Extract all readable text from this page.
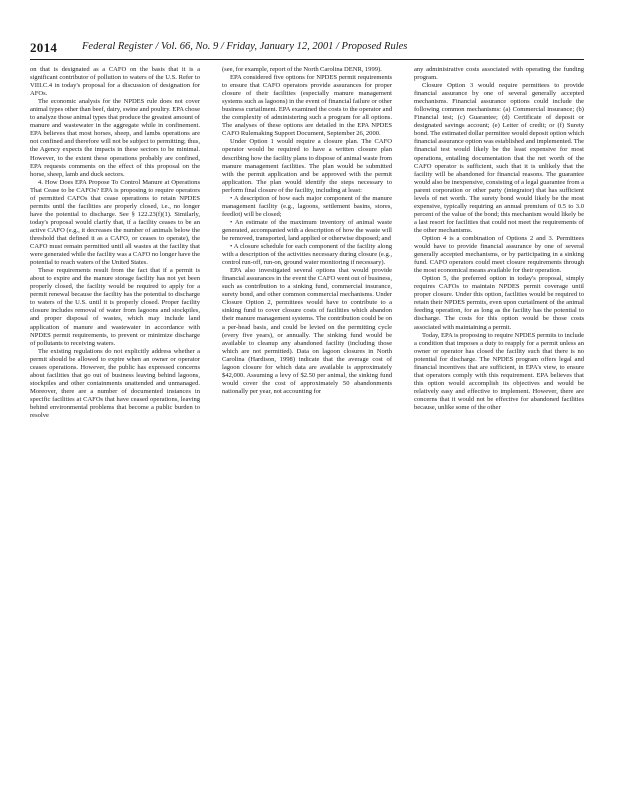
2014 Federal Register / Vol. 66, No. 9 / Friday, January 12, 2001 / Proposed Rules

on that is designated as a CAFO on the basis that it is a significant contributor of pollution to waters of the U.S. Refer to VIII.C.4 in today's proposal for a discussion of designation for AFOs.

The economic analysis for the NPDES rule does not cover animal types other than beef, dairy, swine and poultry. EPA chose to analyze those animal types that produce the greatest amount of manure and wastewater in the aggregate while in confinement. EPA believes that most horses, sheep, and lambs operations are not confined and therefore will not be subject to permitting; thus, the Agency expects the impacts in these sectors to be minimal. However, to the extent these operations probably are confined, EPA requests comments on the effect of this proposal on the horse, sheep, lamb and duck sectors.

4. How Does EPA Propose To Control Manure at Operations That Cease to be CAFOs? EPA is proposing to require operators of permitted CAFOs that cease operations to retain NPDES permits until the facilities are properly closed, i.e., no longer have the potential to discharge. See § 122.23(f)(1). Similarly, today's proposal would clarify that, if a facility ceases to be an active CAFO (e.g., it decreases the number of animals below the threshold that defined it as a CAFO, or ceases to operate), the CAFO must remain permitted until all wastes at the facility that were generated while the facility was a CAFO no longer have the potential to reach waters of the United States.

These requirements result from the fact that if a permit is about to expire and the manure storage facility has not yet been properly closed, the facility would be required to apply for a permit renewal because the facility has the potential to discharge to waters of the U.S. until it is properly closed. Proper facility closure includes removal of water from lagoons and stockpiles, and proper disposal of wastes, which may include land application of manure and wastewater in accordance with NPDES permit requirements, to prevent or minimize discharge of pollutants to receiving waters.

The existing regulations do not explicitly address whether a permit should be allowed to expire when an owner or operator ceases operations. However, the public has expressed concerns about facilities that go out of business leaving behind lagoons, stockpiles and other containments unattended and unmanaged. Moreover, there are a number of documented instances in specific facilities at CAFOs that have ceased operations, leaving behind environmental problems that become a public burden to resolve

(see, for example, report of the North Carolina DENR, 1999).

EPA considered five options for NPDES permit requirements to ensure that CAFO operators provide assurances for proper closure of their facilities (especially manure management systems such as lagoons) in the event of financial failure or other business curtailment. EPA examined the costs to the operator and the complexity of administering such a program for all options. The analyses of these options are detailed in the EPA NPDES CAFO Rulemaking Support Document, September 26, 2000.

Under Option 1 would require a closure plan. The CAFO operator would be required to have a written closure plan describing how the facility plans to dispose of animal waste from manure management facilities. The plan would be submitted with the permit application and be approved with the permit application. The plan would identify the steps necessary to perform final closure of the facility, including at least:

• A description of how each major component of the manure management facility (e.g., lagoons, settlement basins, stores, feedlot) will be closed;

• An estimate of the maximum inventory of animal waste generated, accompanied with a description of how the waste will be removed, transported, land applied or otherwise disposed; and

• A closure schedule for each component of the facility along with a description of the activities necessary during closure (e.g., control run-off, run-on, ground water monitoring if necessary).

EPA also investigated several options that would provide financial assurances in the event the CAFO went out of business, such as contribution to a sinking fund, commercial insurance, surety bond, and other common commercial mechanisms. Under Closure Option 2, permittees would have to contribute to a sinking fund to cover closure costs of facilities which abandon their manure management systems. The contribution could be on a per-head basis, and could be levied on the permitting cycle (every five years), or annually. The sinking fund would be available to cleanup any abandoned facility (including those which are not permitted). Data on lagoon closures in North Carolina (Hardison, 1998) indicate that the average cost of lagoon closure for which data are available is approximately $42,000. Assuming a levy of $2.50 per animal, the sinking fund would cover the cost of approximately 50 abandonments nationally per year, not accounting for

any administrative costs associated with operating the funding program.

Closure Option 3 would require permittees to provide financial assurance by one of several generally accepted mechanisms. Financial assurance options could include the following common mechanisms: (a) Commercial insurance; (b) Financial test; (c) Guarantee; (d) Certificate of deposit or designated savings account; (e) Letter of credit; or (f) Surety bond. The estimated dollar permittee would deposit option which financial assurance option was established and implemented. The financial test would likely be the least expensive for most operations, entailing documentation that the net worth of the CAFO operator is sufficient, such that it is unlikely that the facility will be abandoned for financial reasons. The guarantee would also be inexpensive, consisting of a legal guarantee from a parent corporation or other party (integrator) that has sufficient levels of net worth. The surety bond would likely be the most expensive, typically requiring an annual premium of 0.5 to 3.0 percent of the value of the bond; this mechanism would likely be a last resort for facilities that could not meet the requirements of the other mechanisms.

Option 4 is a combination of Options 2 and 3. Permittees would have to provide financial assurance by one of several generally accepted mechanisms, or by participating in a sinking fund. CAFO operators could meet closure requirements through the most economical means available for their operation.

Option 5, the preferred option in today's proposal, simply requires CAFOs to maintain NPDES permit coverage until proper closure. Under this option, facilities would be required to retain their NPDES permits, even upon curtailment of the animal feeding operation, for as long as the facility has the potential to discharge. The costs for this option would be those costs associated with maintaining a permit.

Today, EPA is proposing to require NPDES permits to include a condition that imposes a duty to reapply for a permit unless an owner or operator has closed the facility such that there is no potential for discharge. The NPDES program offers legal and financial incentives that are sufficient, in EPA's view, to ensure that operators comply with this requirement. EPA believes that this option would accomplish its objectives and would be relatively easy and effective to implement. However, there are concerns that it would not be effective for abandoned facilities because, unlike some of the other
